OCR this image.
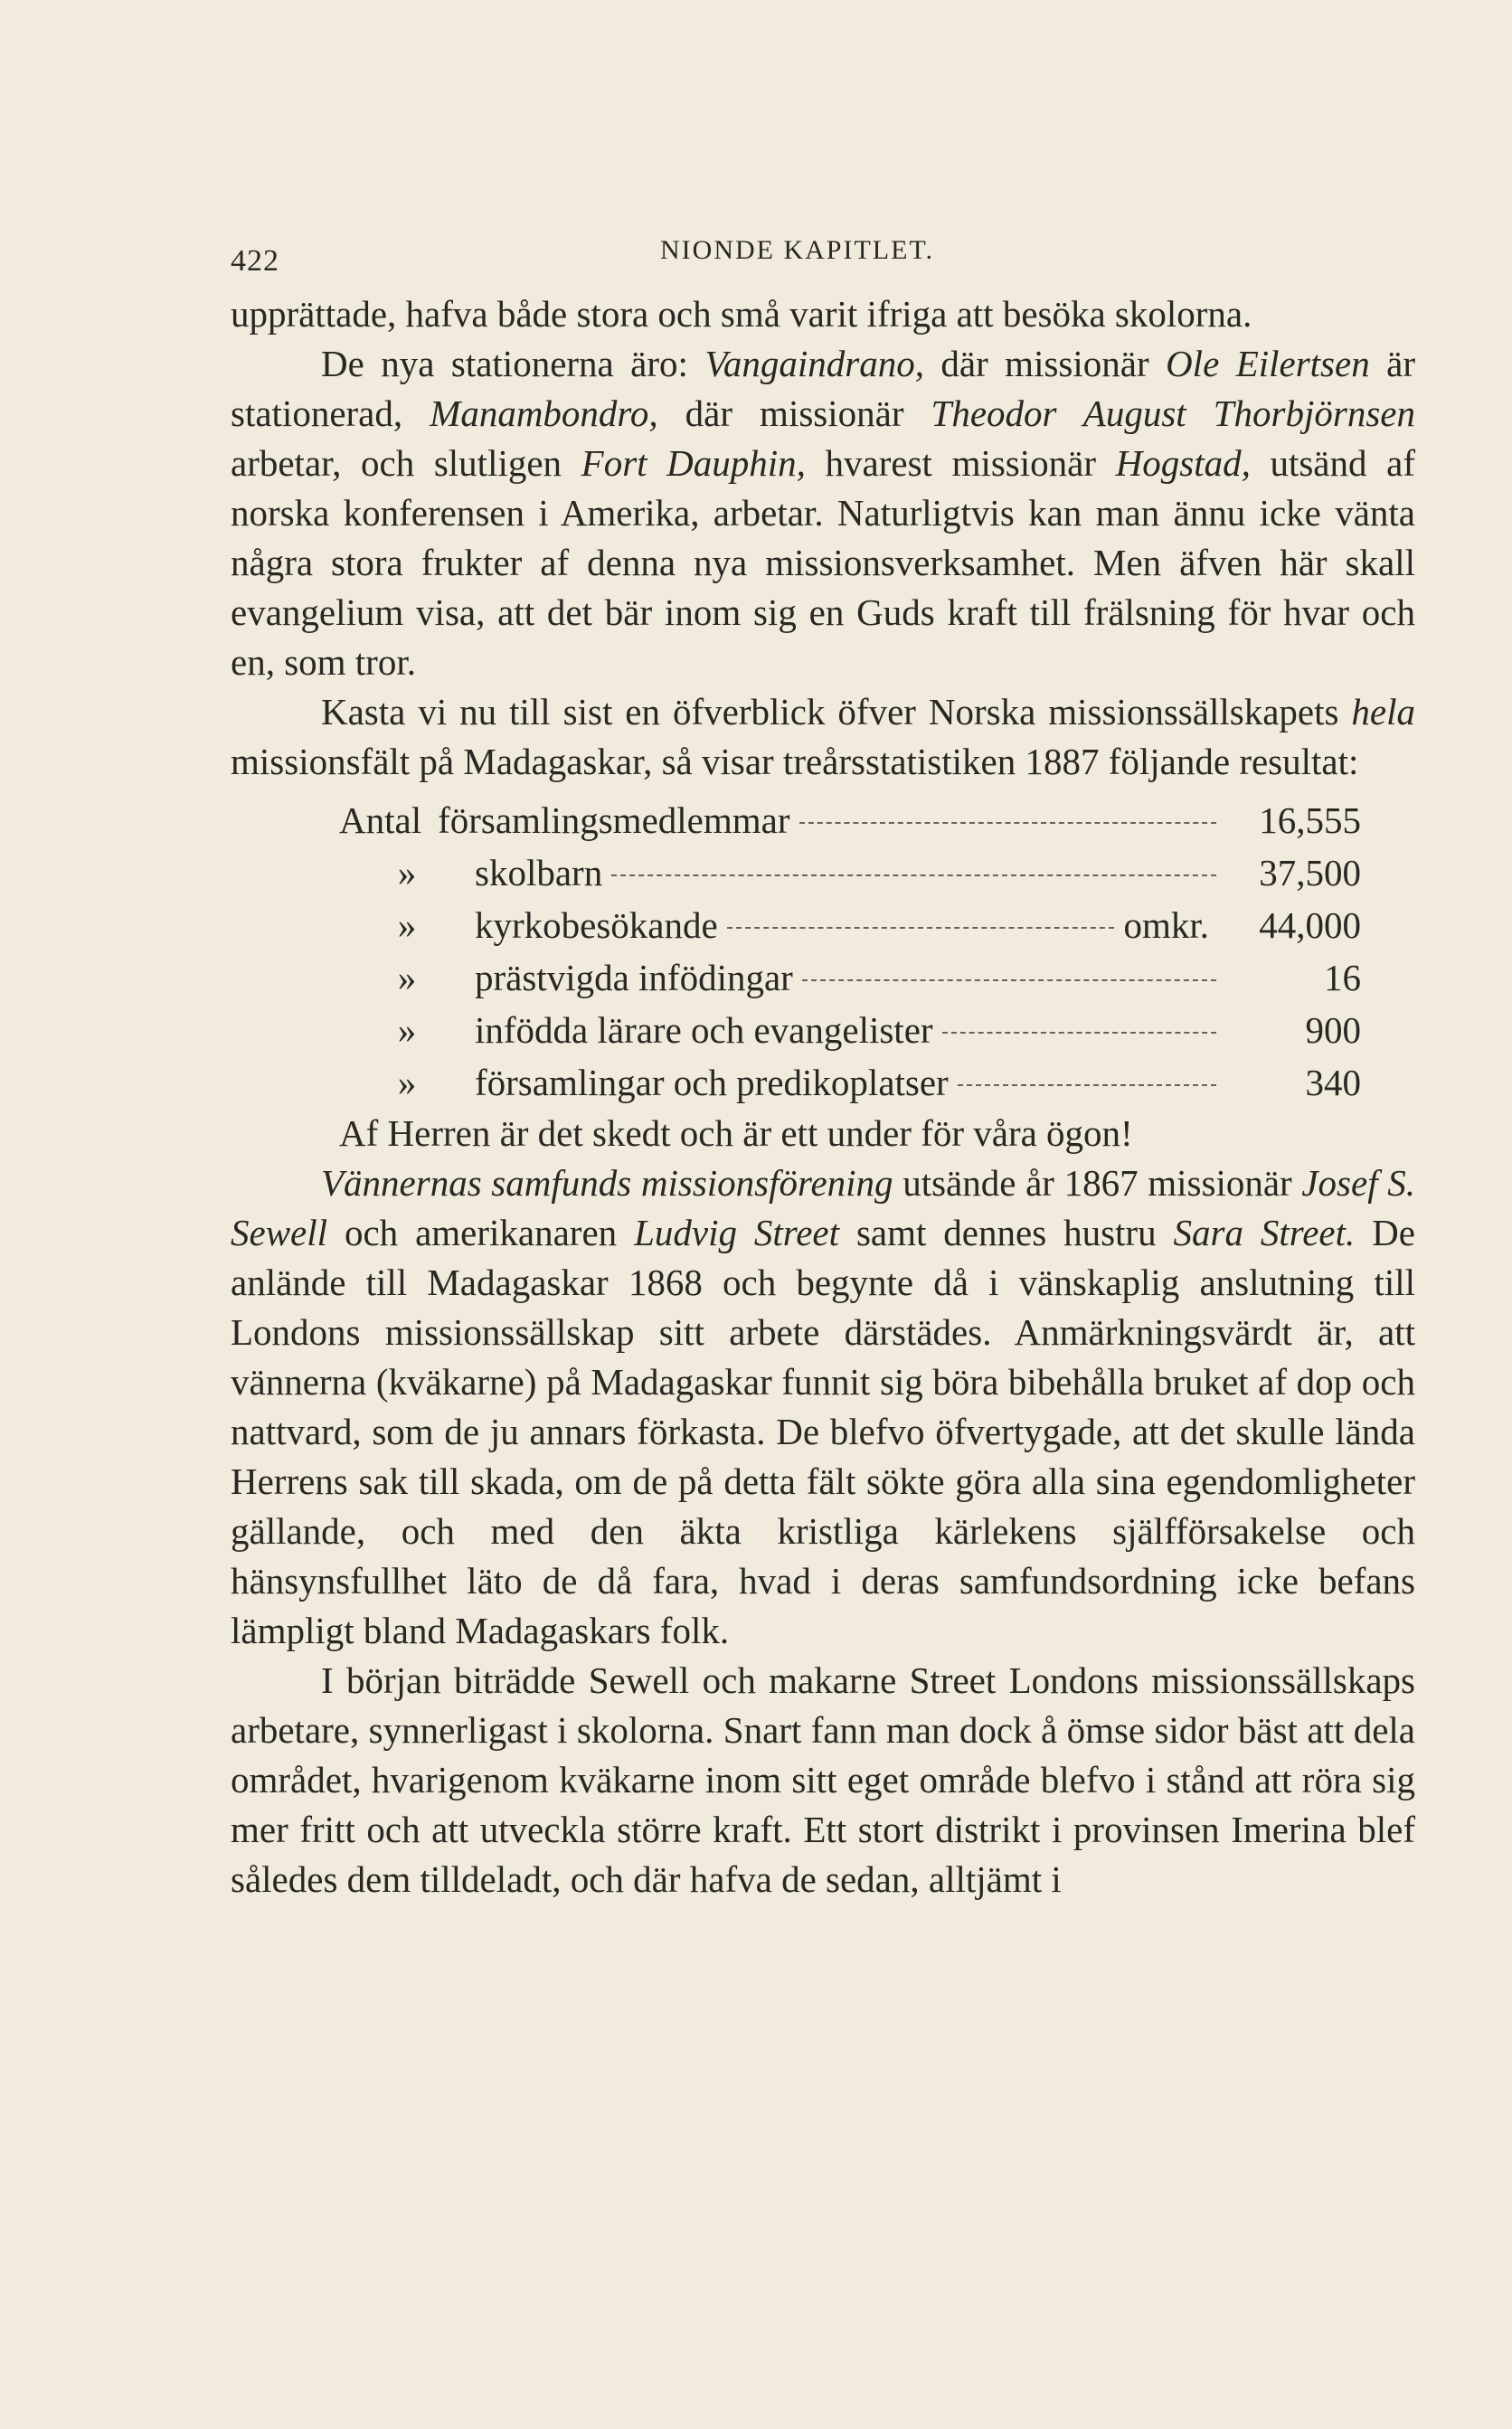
422	NIONDE KAPITLET.

upprättade, hafva både stora och små varit ifriga att besöka skolorna.

De nya stationerna äro: Vangaindrano, där missionär Ole Eilertsen är stationerad, Manambondro, där missionär Theodor August Thorbjörnsen arbetar, och slutligen Fort Dauphin, hvarest missionär Hogstad, utsänd af norska konferensen i Amerika, arbetar. Naturligtvis kan man ännu icke vänta några stora frukter af denna nya missionsverksamhet. Men äfven här skall evangelium visa, att det bär inom sig en Guds kraft till frälsning för hvar och en, som tror.

Kasta vi nu till sist en öfverblick öfver Norska missionssällskapets hela missionsfält på Madagaskar, så visar treårsstatistiken 1887 följande resultat:

Antal församlingsmedlemmar	16,555
»	skolbarn	37,500
»	kyrkobesökande	omkr.	44,000
»	prästvigda infödingar	16
»	infödda lärare och evangelister	900
»	församlingar och predikoplatser	340

Af Herren är det skedt och är ett under för våra ögon!

Vännernas samfunds missionsförening utsände år 1867 missionär Josef S. Sewell och amerikanaren Ludvig Street samt dennes hustru Sara Street. De anlände till Madagaskar 1868 och begynte då i vänskaplig anslutning till Londons missionssällskap sitt arbete därstädes. Anmärkningsvärdt är, att vännerna (kväkarne) på Madagaskar funnit sig böra bibehålla bruket af dop och nattvard, som de ju annars förkasta. De blefvo öfvertygade, att det skulle lända Herrens sak till skada, om de på detta fält sökte göra alla sina egendomligheter gällande, och med den äkta kristliga kärlekens själfförsakelse och hänsynsfullhet läto de då fara, hvad i deras samfundsordning icke befans lämpligt bland Madagaskars folk.

I början biträdde Sewell och makarne Street Londons missionssällskaps arbetare, synnerligast i skolorna. Snart fann man dock å ömse sidor bäst att dela området, hvarigenom kväkarne inom sitt eget område blefvo i stånd att röra sig mer fritt och att utveckla större kraft. Ett stort distrikt i provinsen Imerina blef således dem tilldeladt, och där hafva de sedan, alltjämt i
